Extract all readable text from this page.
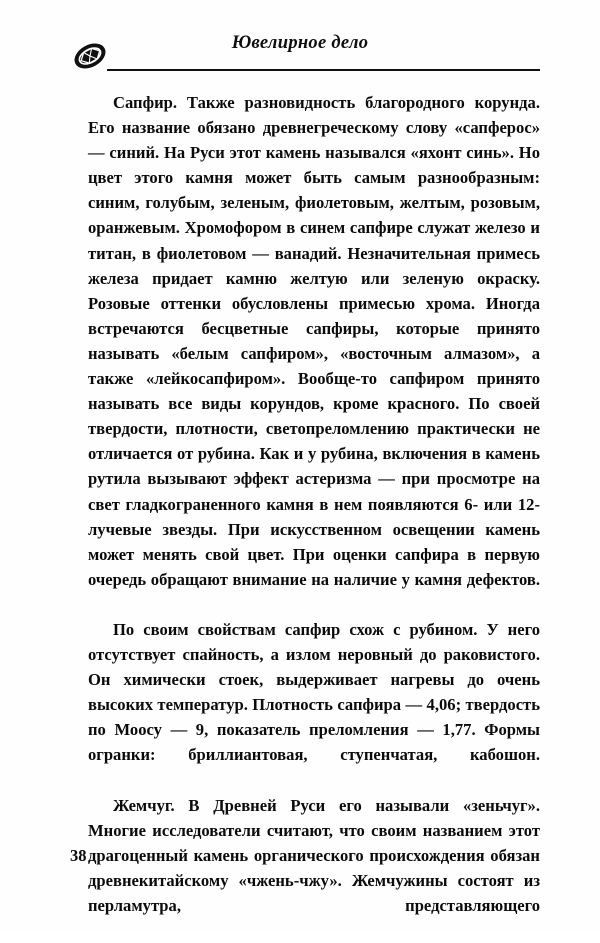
Ювелирное дело

Сапфир. Также разновидность благородного корунда. Его название обязано древнегреческому слову «сапферос» — синий. На Руси этот камень назывался «яхонт синь». Но цвет этого камня может быть самым разнообразным: синим, голубым, зеленым, фиолетовым, желтым, розовым, оранжевым. Хромофором в синем сапфире служат железо и титан, в фиолетовом — ванадий. Незначительная примесь железа придает камню желтую или зеленую окраску. Розовые оттенки обусловлены примесью хрома. Иногда встречаются бесцветные сапфиры, которые принято называть «белым сапфиром», «восточным алмазом», а также «лейкосапфиром». Вообще-то сапфиром принято называть все виды корундов, кроме красного. По своей твердости, плотности, светопреломлению практически не отличается от рубина. Как и у рубина, включения в камень рутила вызывают эффект астеризма — при просмотре на свет гладкограненного камня в нем появляются 6- или 12-лучевые звезды. При искусственном освещении камень может менять свой цвет. При оценки сапфира в первую очередь обращают внимание на наличие у камня дефектов.

По своим свойствам сапфир схож с рубином. У него отсутствует спайность, а излом неровный до раковистого. Он химически стоек, выдерживает нагревы до очень высоких температур. Плотность сапфира — 4,06; твердость по Моосу — 9, показатель преломления — 1,77. Формы огранки: бриллиантовая, ступенчатая, кабошон.

Жемчуг. В Древней Руси его называли «зеньчуг». Многие исследователи считают, что своим названием этот драгоценный камень органического происхождения обязан древнекитайскому «чжень-чжу». Жемчужины состоят из перламутра, представляющего

38
